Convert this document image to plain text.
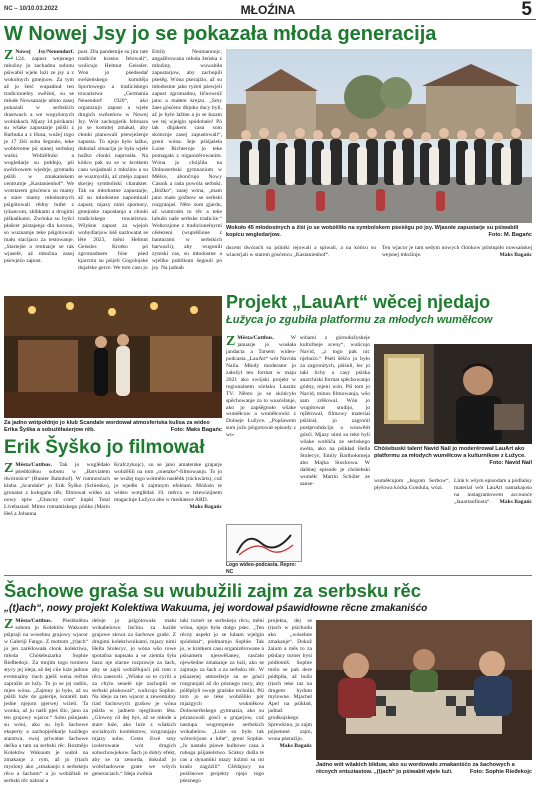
NC – 10/10.03.2022	MŁOŹINA	5
W Nowej Jsy jo se pokazała młoda generacija
Z Nowej Jsy/Neuendorf. 124. zapust wejsnego młoźiny jo zachadnu sobotu pśiwabił wjele luźi ze jsy a z wokolnych gmejnow. Za tym až jo šesć wupadnuł ten tradicionelny swěźeń, su se młode Nowsanarje něnto zasej pokazali w serbskich drastwach a we wupyšonych woblakach. Mjazy 14 pórikami su wšake zapustarje pśišli z Barbuka a z Husa, wužej togo je 17 žiśi sobu šegnuło, teke wobleceme pó stanej serbskej wašni. Wobźělniki a wogledarje su połdnjo, pśi swěckowem wjedrje, gromadu pśišli w zmakańskem centrumje „Kastanienhof“. We wotstarem gósćencu su mamy a stare mamy młodostnych pśigótowali rědny bufet z tykancom, skibkami a drogimi piškańkami. Zwónka su byšci płašcer pśstajenja dla koronu, so wuznamje teke pśigótowali mału stacijacu za testowanje. „Startejśe a rentnarje se tak wjaselé, až młoźina zasej pśewjeźo zapust.
pust. Dla pandemije su jim tate tradiciie krasno felowali“, wulicujo Helmut Geissler. Won jo pśedsedaŕ swězeńskego komitěja Sportowego a tradiciskego towaristwa „Germania Neuendorf 1920“, ako organizujo zapust a wjele drugich swězeńow w Nowej Jsy. Wót zachopjeńk februara jo se komitej zmakał, aby cłonki planowali pśewjeźenje zapusta. To njejo było lažko, dokulaž situacija jo była wjele hužko cłonki naprosiła. Na kóńcu pak su se w krotkem casu wujadnali z młoźinu a su se wuzmyslili, až změjo zapust skerjej symboliski charakter. Tak su młodostne zapustarje, až su młodostne napominali zapust, mjazy nimi spomory, gmejnske zaposłanja a cłonki tradiciskego towaristwa. Wšykne zapust za wjejoh wobydlarjow kśě nazhwatat se lěte 2023, měni Helmut Geissler. Krotko pó zgromadnem fóse pśed kjarcmu su pśijeli Gogolojske dujaŕske gerce. We tom casu jo
Emily Neumannojc, angažěrowana młoda žeńska z młoźiny, wuwabiła zapustarjow, aby zachopili pśeśěg. Wóna pśerajźio, až su młodostne jako tyźeń pśewjeli zapust zgromadnu, łičnowniž jano a małem krejzu. „Smy žaes gósćenc dhjuko dacy byli, až je było lažtne a jo se łuzam we tej wjelgin spódobało! Pó tak dhjakem casu som skóncnje zasej zapustowali“, greni wóna. Ieje pśiśjaśeła Luise Richteroje jo teke pomagała z organizěrowanim. Wóna jo chójźiła na Dolnoserbski gymnazium w Měšce, abončrujo Nowy Casnik a rada powóla serbski. „Bóžko“, zasej wóna, „mam jano mało góźbow se serbski rozgranjaś. Něto som gjardu, až wumrośm tu rěc a teke lubušo naše serbske tradiciie.“ Wobrozjone z tradicionelnymi cěsłezeni (wuprěšione z banturami w serbskich barwach), aby wugoniłi zymski cas, su młodostne a wjelike publikum šegnuli pó jsy. Na jadnab
Wokoło 45 młodostnych a žiśi jo se wobźěliło na symbolskem pśeśěgu pó jsy. Wjasołe zapustarje su pśiwabili kopicu wogledarjow.	Foto: M. Bagańc
ducent dwórach su pśiniki rejowali a spiwali, a na kóńcu su wiacerjali w starem gósćencu „Kastanienhof“.
Ten wjacor je tam sedym nowych člonkow pśistupiło nowsańskej wejsnej młoźinje.	Maks Bagańc
Projekt „LauArt“ wěcej njedajo
Łužyca jo zgubiła platformu za młodych wuměłcow
Z Města/Cottbus.	W januarje jo wusłała jandacta a Tarsem wideo-podcasta „LauArt“ wót Navida Naila. Młody moderator jo załožył ten format w maju 2021 ako swójski projekt w regionalnem sćelaku Lausitz TV. Něnto jo se skóńcyło spěchowanje za to wusćelanje, ako jo zapśěgnuło wšake wuměłcow a wuměłcowki z Dolneje Łužyce. „Popšawem sum jožo pśigotował episody z wo-
Logo wideo-podcasta. Repro: NC
sobami z górnołužyskeje kultuřneje sceny“, wulicujo Navid, „z togo pak nic njebuźo.“ Pśeli šěšćo jo było za zagronitych, pśiśuli, lec jo taki lichy a casy pśiśka anarchiski format spěchowanjo gódny, mjeni wón. Pśi tom jo Navid, minus filmowanja, wšo sam zrěšowal. Wón jo wugótował studijo, jo ręžěrowal, filmowy material pśiśirał, jo zagrońil postprodukciju a wuswětił gósći. Mjazy nimi su teke byli wšake wobliča ze serbskego swěta, ako na pśikład Hella Stolecyc, Emily Barthołomeja abo Majka Stockowa. W dalšnej episode je chóśebski wuměłc Martin Schüler ze sanse-
Chóśebuski talent Navid Nail jo moderěrował LauArt ako platformu za młodych wuměłcow a kulturnikow z Łužyce.
Foto: Navid Nail
wuměłcujom „bogom Serbow“, płyšowa kócka Gondula, wózi.
Link k wšym episodam a pódlańsy material wót LauArt namakajośo na instagramowem accounće „lauartaufinsta“. Maks Bagańc
Za jadno wótpołdnjo jo klub Scandale wordował atmosferiska kulisa za wideo Erika Šyška a sobuźěłaśerjow rěb.	Foto: Maks Bagańc
Erik Šyško jo filmował
Z Města/Cottbus. Tak jo wuglědało pśeddolěnu sobotu w „Barviatem dwórniścu“ (Bunter Bahnhof). W rumnosćach kluba „Scandale“ jo Erik Šyško (Schiesko), gronatar z kołogańs rěb, filmował wideo za nowy spiw „Gluscny com“ kupki Total Livebastad. Mimo romantiskego póńka (Mario Heš a Johanna
Krafczykojc), su se jano amaterske grajarje wobźělili na tom „onetake“-filmowanju. To jo se wužej togo wótmělo nasłědk (rúckwärts), což jo wjedło k zajmnym efektam. Móžośo te wideo wotglědaś 19. měrca w telewizijnem magacinje Łužyca abo w mediatece ARD.
Maks Bagańc
Šachowe graša su wubužili zajm za serbsku rěc
„(t)ach“, nowy projekt Kolektiwa Wakuuma, jej wordował pśawidłowne rěcne zmakaniśćo
Z Města/Cottbus. Pśeddolěnu sobotu jo Kolektiw Wakuum pśipraji na wosebnu grajowy wjacor w Galeriji Fango. Z mottom „(t)ach“ jo jen zarědowała cłonk kolektiwa, młoda Chóśebuzarka Sophie Rießtedojc. Za mnjim togo turnieru stycy jej ideja, až dej ciie luźe jadnos eventualny riach pješš wena rečtne zapražie ze lužy. To jo se jej radilo, mjen wóna. „Zajmny jo było, až su pśišli luźe do galerije, kotaréž tam jedne njejom pjerwej wiźeli. Ta wonka, až ju našli pjeś šlic, jano za ten grajowy wjacor.“ Sobu pśinjasło su wóni, ako su byli šachowe eksperty a zachopjeńkarje kuźdego starstwa, swoj priwatne šachowe dečka a tam za serbski rěc. Rozmějo Kolektiw Wakuum je wabił na zmakanje z rym, až jo (t)ach myslony ako „zmakanjo z serbskeju rěcu a šachom“ a jo wobźělali te serbski rěc nabrać a
deloje jo pśigótowała mału wokabelowu lisćinu za kuźde grajowe słowa za šachowe graše. Z drugimi kolektiwnikami, mjazy nimi Hella Stolecyc, jo wóna wšo rowe spotačna napisała a se ziemia šyła bazu nje slacne rozprawje za šach, aby se zajśi wobźělujoći pśi tom z rěcu zaeeceli. „Wšake su to cyrili a za chylu seuelé nje zachopili se serbski pšokowaś“, wulicujo Sophie. Na idejo za ten wjacor a zewentulny riad šachowych grašow je wóna pśiśla w jadnem njeglinom lěta. „Glowny cil dej byś, až se młode a stare luźe, ako luźe z wšakich socialnych kontekstow, rozgranjaju mjazy sobu. Cesto žiwé smy izolerowane wót drugich sobuchowjekow. Šach jo dobry efekt, aby se ta zenorda, dokulaž jo wobchadowne grate we wšych generaciach.“ Ideja zwěnia
taki turnér ze serbskeju rěcu, měni wóna, njejo była dołgo pśec. „Ten rěcny aspekt jo se lubam wjelgin spódobal“, pódmarnjo Sophie. Tak jo, w krotkem casu organizěrowane a pśisamem njeswěšaney, rasćało njewšedne zmakanje za luźi, ako se zajmaju za šach a za serbsku rěc. W pśiazenej atmosferje su se gósći rozgranjali až do póznego nocy, aby pólěpšyli swoje graśske techniki. Pśi tom jo se teke wobźěliło pór mjażgych wukniłkow Dolnoserbskego gymnazia, ako su pórazowali gósći a grajarjow, což nastupa wugronjenie serbskich wokabelow. „Luźe su było tak wótwórjone a lube“, greni Sophie. „Jo nastało pśawe kulbowe casa a ruboga pśijaśelstwo. Sćaksy dušla te cas a dynamiki mazy luźimi su mi krašo zagóźili“ Glědajucy na pośišnowe projekty njejo togo pśeznego
projekta, dej se (t)ach w pśichodu ako „wósebne zmakanje“. Dokuž žaium a měs to za pśidacy turnér bysi pódłomiš. Sophie mólo se pak dere pódtpiła, až bužo (t)ach teke raz na drugem hydum mylowne. Mjachel Apel na pśikład, jadnaž grodkojskego Sprewkino, jo zajm pójsenesé zajm, wona pśeraźijo.
Maks Bagańc
Jadno wót wšakich bliduw, ako su wordowało zmakaniśćo za šachowych a rěcnych entuziastow. „(t)ach“ jo pśiwabił wjele luźi.	Foto: Sophie Rieđekojc
